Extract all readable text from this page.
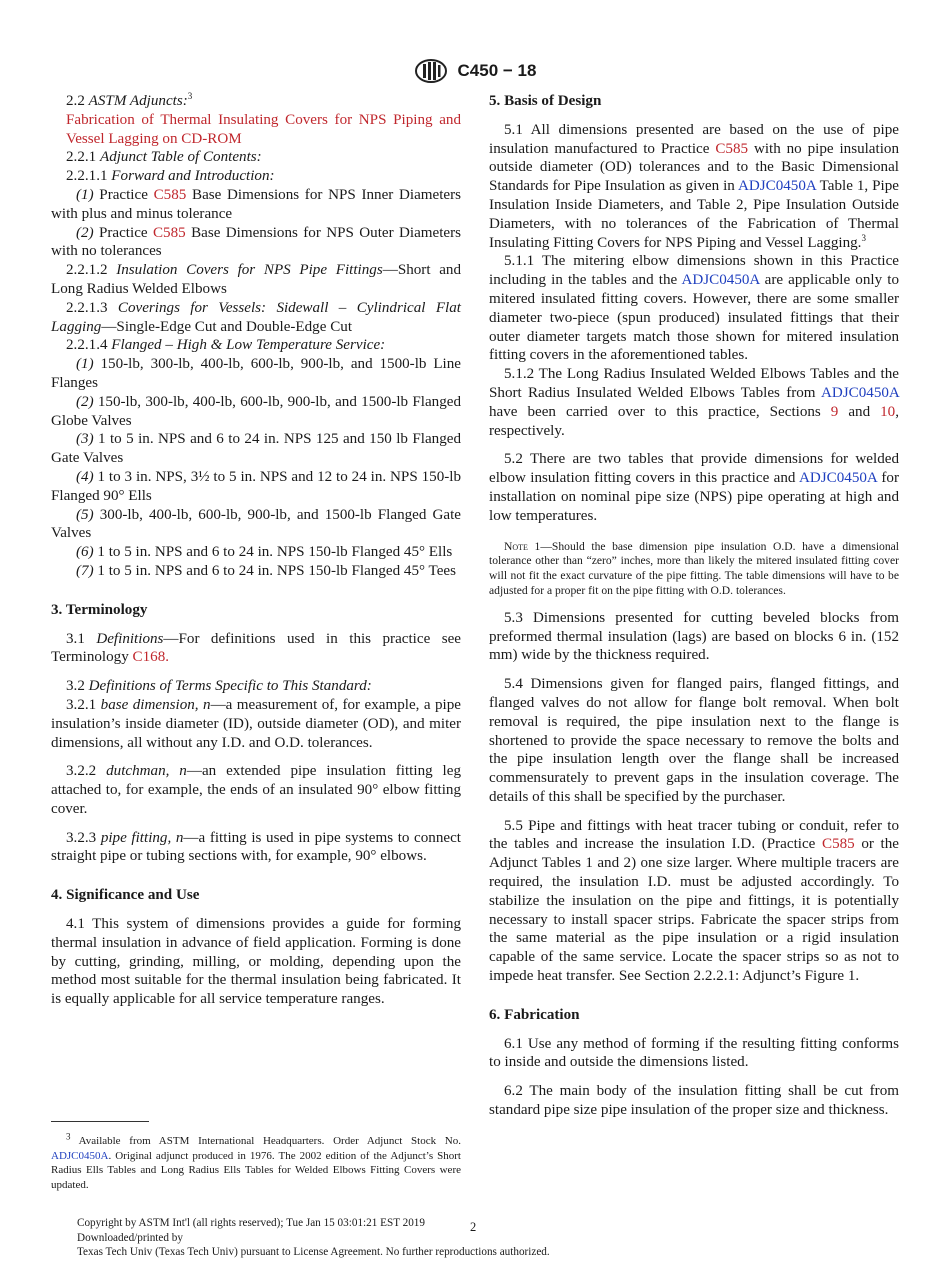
C450 − 18

2.2 ASTM Adjuncts:$^3$

Fabrication of Thermal Insulating Covers for NPS Piping and Vessel Lagging on CD-ROM

2.2.1 Adjunct Table of Contents:

2.2.1.1 Forward and Introduction:

(1) Practice C585 Base Dimensions for NPS Inner Diameters with plus and minus tolerance

(2) Practice C585 Base Dimensions for NPS Outer Diameters with no tolerances

2.2.1.2 Insulation Covers for NPS Pipe Fittings—Short and Long Radius Welded Elbows

2.2.1.3 Coverings for Vessels: Sidewall – Cylindrical Flat Lagging—Single-Edge Cut and Double-Edge Cut

2.2.1.4 Flanged – High & Low Temperature Service:

(1) 150-lb, 300-lb, 400-lb, 600-lb, 900-lb, and 1500-lb Line Flanges

(2) 150-lb, 300-lb, 400-lb, 600-lb, 900-lb, and 1500-lb Flanged Globe Valves

(3) 1 to 5 in. NPS and 6 to 24 in. NPS 125 and 150 lb Flanged Gate Valves

(4) 1 to 3 in. NPS, 3½ to 5 in. NPS and 12 to 24 in. NPS 150-lb Flanged 90° Ells

(5) 300-lb, 400-lb, 600-lb, 900-lb, and 1500-lb Flanged Gate Valves

(6) 1 to 5 in. NPS and 6 to 24 in. NPS 150-lb Flanged 45° Ells

(7) 1 to 5 in. NPS and 6 to 24 in. NPS 150-lb Flanged 45° Tees

3. Terminology

3.1 Definitions—For definitions used in this practice see Terminology C168.

3.2 Definitions of Terms Specific to This Standard:

3.2.1 base dimension, n—a measurement of, for example, a pipe insulation’s inside diameter (ID), outside diameter (OD), and miter dimensions, all without any I.D. and O.D. tolerances.

3.2.2 dutchman, n—an extended pipe insulation fitting leg attached to, for example, the ends of an insulated 90° elbow fitting cover.

3.2.3 pipe fitting, n—a fitting is used in pipe systems to connect straight pipe or tubing sections with, for example, 90° elbows.

4. Significance and Use

4.1 This system of dimensions provides a guide for forming thermal insulation in advance of field application. Forming is done by cutting, grinding, milling, or molding, depending upon the method most suitable for the thermal insulation being fabricated. It is equally applicable for all service temperature ranges.

$^3$ Available from ASTM International Headquarters. Order Adjunct Stock No. ADJC0450A. Original adjunct produced in 1976. The 2002 edition of the Adjunct’s Short Radius Ells Tables and Long Radius Ells Tables for Welded Elbows Fitting Covers were updated.
5. Basis of Design

5.1 All dimensions presented are based on the use of pipe insulation manufactured to Practice C585 with no pipe insulation outside diameter (OD) tolerances and to the Basic Dimensional Standards for Pipe Insulation as given in ADJC0450A Table 1, Pipe Insulation Inside Diameters, and Table 2, Pipe Insulation Outside Diameters, with no tolerances of the Fabrication of Thermal Insulating Fitting Covers for NPS Piping and Vessel Lagging.$^3$

5.1.1 The mitering elbow dimensions shown in this Practice including in the tables and the ADJC0450A are applicable only to mitered insulated fitting covers. However, there are some smaller diameter two-piece (spun produced) insulated fittings that their outer diameter targets match those shown for mitered insulation fitting covers in the aforementioned tables.

5.1.2 The Long Radius Insulated Welded Elbows Tables and the Short Radius Insulated Welded Elbows Tables from ADJC0450A have been carried over to this practice, Sections 9 and 10, respectively.

5.2 There are two tables that provide dimensions for welded elbow insulation fitting covers in this practice and ADJC0450A for installation on nominal pipe size (NPS) pipe operating at high and low temperatures.

Note 1—Should the base dimension pipe insulation O.D. have a dimensional tolerance other than “zero” inches, more than likely the mitered insulated fitting cover will not fit the exact curvature of the pipe fitting. The table dimensions will have to be adjusted for a proper fit on the pipe fitting with O.D. tolerances.

5.3 Dimensions presented for cutting beveled blocks from preformed thermal insulation (lags) are based on blocks 6 in. (152 mm) wide by the thickness required.

5.4 Dimensions given for flanged pairs, flanged fittings, and flanged valves do not allow for flange bolt removal. When bolt removal is required, the pipe insulation next to the flange is shortened to provide the space necessary to remove the bolts and the pipe insulation length over the flange shall be increased commensurately to prevent gaps in the insulation coverage. The details of this shall be specified by the purchaser.

5.5 Pipe and fittings with heat tracer tubing or conduit, refer to the tables and increase the insulation I.D. (Practice C585 or the Adjunct Tables 1 and 2) one size larger. Where multiple tracers are required, the insulation I.D. must be adjusted accordingly. To stabilize the insulation on the pipe and fittings, it is potentially necessary to install spacer strips. Fabricate the spacer strips from the same material as the pipe insulation or a rigid insulation capable of the same service. Locate the spacer strips so as not to impede heat transfer. See Section 2.2.2.1: Adjunct’s Figure 1.

6. Fabrication

6.1 Use any method of forming if the resulting fitting conforms to inside and outside the dimensions listed.

6.2 The main body of the insulation fitting shall be cut from standard pipe size pipe insulation of the proper size and thickness.

2
Copyright by ASTM Int'l (all rights reserved); Tue Jan 15 03:01:21 EST 2019
Downloaded/printed by
Texas Tech Univ (Texas Tech Univ) pursuant to License Agreement. No further reproductions authorized.
